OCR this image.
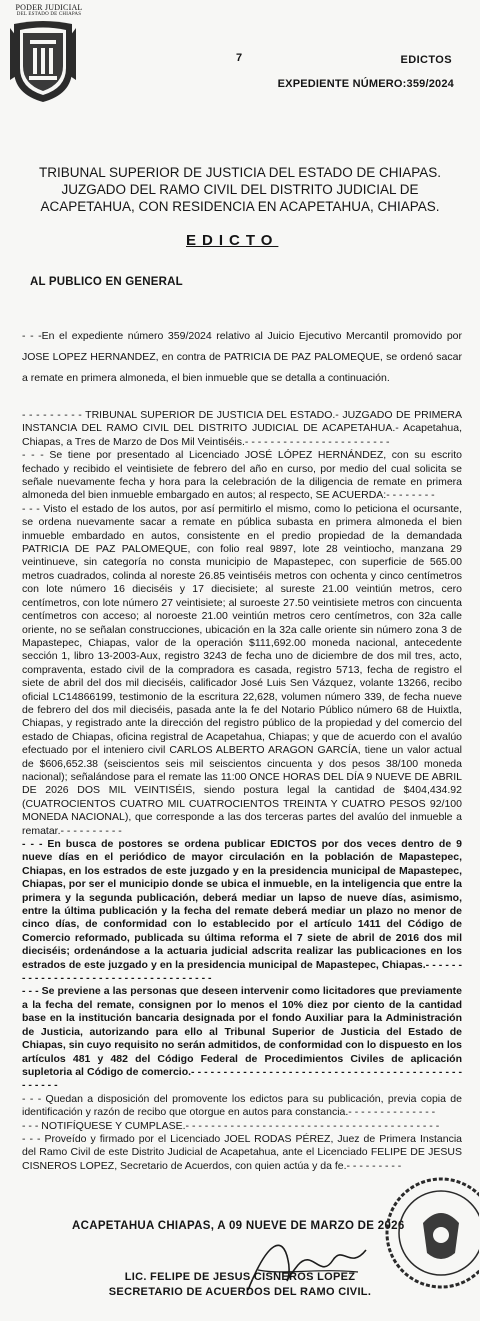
PODER JUDICIAL
DEL ESTADO DE CHIAPAS
7	EDICTOS
EXPEDIENTE NÚMERO:359/2024
TRIBUNAL SUPERIOR DE JUSTICIA DEL ESTADO DE CHIAPAS.
JUZGADO DEL RAMO CIVIL DEL DISTRITO JUDICIAL DE
ACAPETAHUA, CON RESIDENCIA EN ACAPETAHUA, CHIAPAS.
EDICTO
AL PUBLICO EN GENERAL

- - -En el expediente número 359/2024 relativo al Juicio Ejecutivo Mercantil promovido por JOSE LOPEZ HERNANDEZ, en contra de PATRICIA DE PAZ PALOMEQUE, se ordenó sacar a remate en primera almoneda, el bien inmueble que se detalla a continuación.

- - - - - - - - - TRIBUNAL SUPERIOR DE JUSTICIA DEL ESTADO.- JUZGADO DE PRIMERA INSTANCIA DEL RAMO CIVIL DEL DISTRITO JUDICIAL DE ACAPETAHUA.- Acapetahua, Chiapas, a Tres de Marzo de Dos Mil Veintiséis.- - - - - - - - - - - - - - - - - - - - - - -

- - - Se tiene por presentado al Licenciado JOSÉ LÓPEZ HERNÁNDEZ, con su escrito fechado y recibido el veintisiete de febrero del año en curso, por medio del cual solicita se señale nuevamente fecha y hora para la celebración de la diligencia de remate en primera almoneda del bien inmueble embargado en autos; al respecto, SE ACUERDA:- - - - - - - -

- - - Visto el estado de los autos, por así permitirlo el mismo, como lo peticiona el ocursante, se ordena nuevamente sacar a remate en pública subasta en primera almoneda el bien inmueble embardado en autos, consistente en el predio propiedad de la demandada PATRICIA DE PAZ PALOMEQUE, con folio real 9897, lote 28 veintiocho, manzana 29 veintinueve, sin categoría no consta municipio de Mapastepec, con superficie de 565.00 metros cuadrados, colinda al noreste 26.85 veintiséis metros con ochenta y cinco centímetros con lote número 16 dieciséis y 17 diecisiete; al sureste 21.00 veintiún metros, cero centímetros, con lote número 27 veintisiete; al suroeste 27.50 veintisiete metros con cincuenta centímetros con acceso; al noroeste 21.00 veintiún metros cero centímetros, con 32a calle oriente, no se señalan construcciones, ubicación en la 32a calle oriente sin número zona 3 de Mapastepec, Chiapas, valor de la operación $111,692.00 moneda nacional, antecedente sección 1, libro 13-2003-Aux, registro 3243 de fecha uno de diciembre de dos mil tres, acto, compraventa, estado civil de la compradora es casada, registro 5713, fecha de registro el siete de abril del dos mil dieciséis, calificador José Luis Sen Vázquez, volante 13266, recibo oficial LC14866199, testimonio de la escritura 22,628, volumen número 339, de fecha nueve de febrero del dos mil dieciséis, pasada ante la fe del Notario Público número 68 de Huixtla, Chiapas, y registrado ante la dirección del registro público de la propiedad y del comercio del estado de Chiapas, oficina registral de Acapetahua, Chiapas; y que de acuerdo con el avalúo efectuado por el inteniero civil CARLOS ALBERTO ARAGON GARCÍA, tiene un valor actual de $606,652.38 (seiscientos seis mil seiscientos cincuenta y dos pesos 38/100 moneda nacional); señalándose para el remate las 11:00 ONCE HORAS DEL DÍA 9 NUEVE DE ABRIL DE 2026 DOS MIL VEINTISÉIS, siendo postura legal la cantidad de $404,434.92 (CUATROCIENTOS CUATRO MIL CUATROCIENTOS TREINTA Y CUATRO PESOS 92/100 MONEDA NACIONAL), que corresponde a las dos terceras partes del avalúo del inmueble a rematar.- - - - - - - - - -

- - - En busca de postores se ordena publicar EDICTOS por dos veces dentro de 9 nueve días en el periódico de mayor circulación en la población de Mapastepec, Chiapas, en los estrados de este juzgado y en la presidencia municipal de Mapastepec, Chiapas, por ser el municipio donde se ubica el inmueble, en la inteligencia que entre la primera y la segunda publicación, deberá mediar un lapso de nueve días, asimismo, entre la última publicación y la fecha del remate deberá mediar un plazo no menor de cinco días, de conformidad con lo establecido por el artículo 1411 del Código de Comercio reformado, publicada su última reforma el 7 siete de abril de 2016 dos mil dieciséis; ordenándose a la actuaria judicial adscrita realizar las publicaciones en los estrados de este juzgado y en la presidencia municipal de Mapastepec, Chiapas.- - - - - - - - - - - - - - - - - - - - - - - - - - - - - - - - - - - -

- - - Se previene a las personas que deseen intervenir como licitadores que previamente a la fecha del remate, consignen por lo menos el 10% diez por ciento de la cantidad base en la institución bancaria designada por el fondo Auxiliar para la Administración de Justicia, autorizando para ello al Tribunal Superior de Justicia del Estado de Chiapas, sin cuyo requisito no serán admitidos, de conformidad con lo dispuesto en los artículos 481 y 482 del Código Federal de Procedimientos Civiles de aplicación supletoria al Código de comercio.- - - - - - - - - - - - - - - - - - - - - - - - - - - - - - - - - - - - - - - - - - - - - - - -

- - - Quedan a disposición del promovente los edictos para su publicación, previa copia de identificación y razón de recibo que otorgue en autos para constancia.- - - - - - - - - - - - - -

- - - NOTIFÍQUESE Y CUMPLASE.- - - - - - - - - - - - - - - - - - - - - - - - - - - - - - - - - - - - - - - -

- - - Proveído y firmado por el Licenciado JOEL RODAS PÉREZ, Juez de Primera Instancia del Ramo Civil de este Distrito Judicial de Acapetahua, ante el Licenciado FELIPE DE JESUS CISNEROS LOPEZ, Secretario de Acuerdos, con quien actúa y da fe.- - - - - - - - -

ACAPETAHUA CHIAPAS, A 09 NUEVE DE MARZO DE 2026
LIC. FELIPE DE JESUS CISNEROS LOPEZ
SECRETARIO DE ACUERDOS DEL RAMO CIVIL.
